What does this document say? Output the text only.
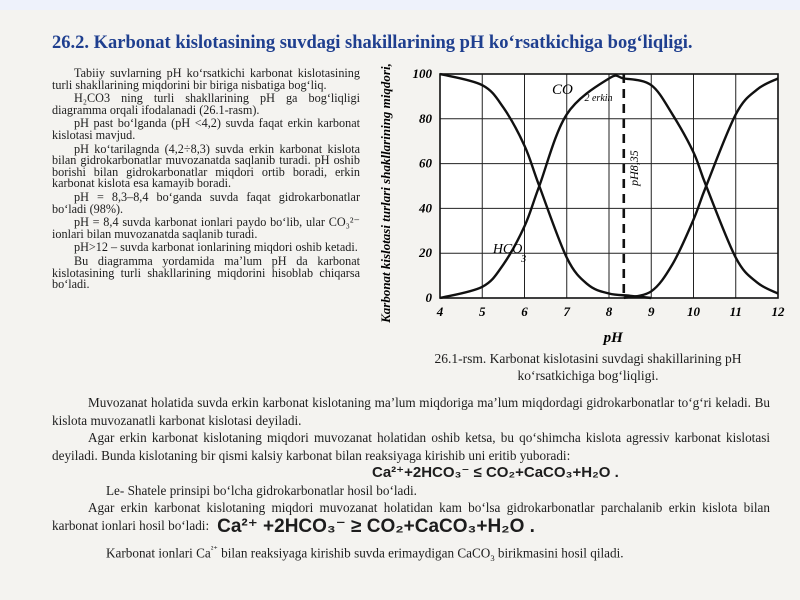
26.2. Karbonat kislotasining suvdagi shakillarining pH ko‘rsatkichiga bog‘liqligi.

Tabiiy suvlarning pH ko‘rsatkichi karbonat kislotasining turli shakllarining miqdorini bir biriga nisbatiga bog‘liq.

H₂CO3 ning turli shakllarining pH ga bog‘liqligi diagramma orqali ifodalanadi (26.1-rasm).

pH past bo‘lganda (pH <4,2) suvda faqat erkin karbonat kislotasi mavjud.

pH ko‘tarilagnda (4,2÷8,3) suvda erkin karbonat kislota bilan gidrokarbonatlar muvozanatda saqlanib turadi. pH oshib borishi bilan gidrokarbonatlar miqdori ortib boradi, erkin karbonat kislota esa kamayib boradi.

pH = 8,3–8,4 bo‘ganda suvda faqat gidrokarbonatlar bo‘ladi (98%).

pH = 8,4 suvda karbonat ionlari paydo bo‘lib, ular CO₃²⁻ ionlari bilan muvozanatda saqlanib turadi.

pH>12 – suvda karbonat ionlarining miqdori oshib ketadi.

Bu diagramma yordamida ma’lum pH da karbonat kislotasining turli shakllarining miqdorini hisoblab chiqarsa bo‘ladi.

4	5	6	7	8	9	10 11 12
0
20
40
60
80
100
pH
Karbonat kislotasi turlari shakllarining miqdori, %	pH8,35
CO
2 erkin
HCO
3
26.1-rsm. Karbonat kislotasini suvdagi shakillarining pH ko‘rsatkichiga bog‘liqligi.

Muvozanat holatida suvda erkin karbonat kislotaning ma’lum miqdoriga ma’lum miqdordagi gidrokarbonatlar to‘g‘ri keladi. Bu kislota muvozanatli karbonat kislotasi deyiladi.

Agar erkin karbonat kislotaning miqdori muvozanat holatidan oshib ketsa, bu qo‘shimcha kislota agressiv karbonat kislotasi deyiladi. Bunda kislotaning bir qismi kalsiy karbonat bilan reaksiyaga kirishib uni eritib yuboradi:
Ca²⁺+2HCO₃⁻ ≤ CO₂+CaCO₃+H₂O .

Le- Shatele prinsipi bo‘lcha gidrokarbonatlar hosil bo‘ladi.

Agar erkin karbonat kislotaning miqdori muvozanat holatidan kam bo‘lsa gidrokarbonatlar parchalanib erkin kislota bilan karbonat ionlari hosil bo‘ladi: Ca²⁺ +2HCO₃⁻ ≥ CO₂+CaCO₃+H₂O .

Karbonat ionlari $Ca^{^{2+}}$ bilan reaksiyaga kirishib suvda erimaydigan CaCO$_3$ birikmasini hosil qiladi.
